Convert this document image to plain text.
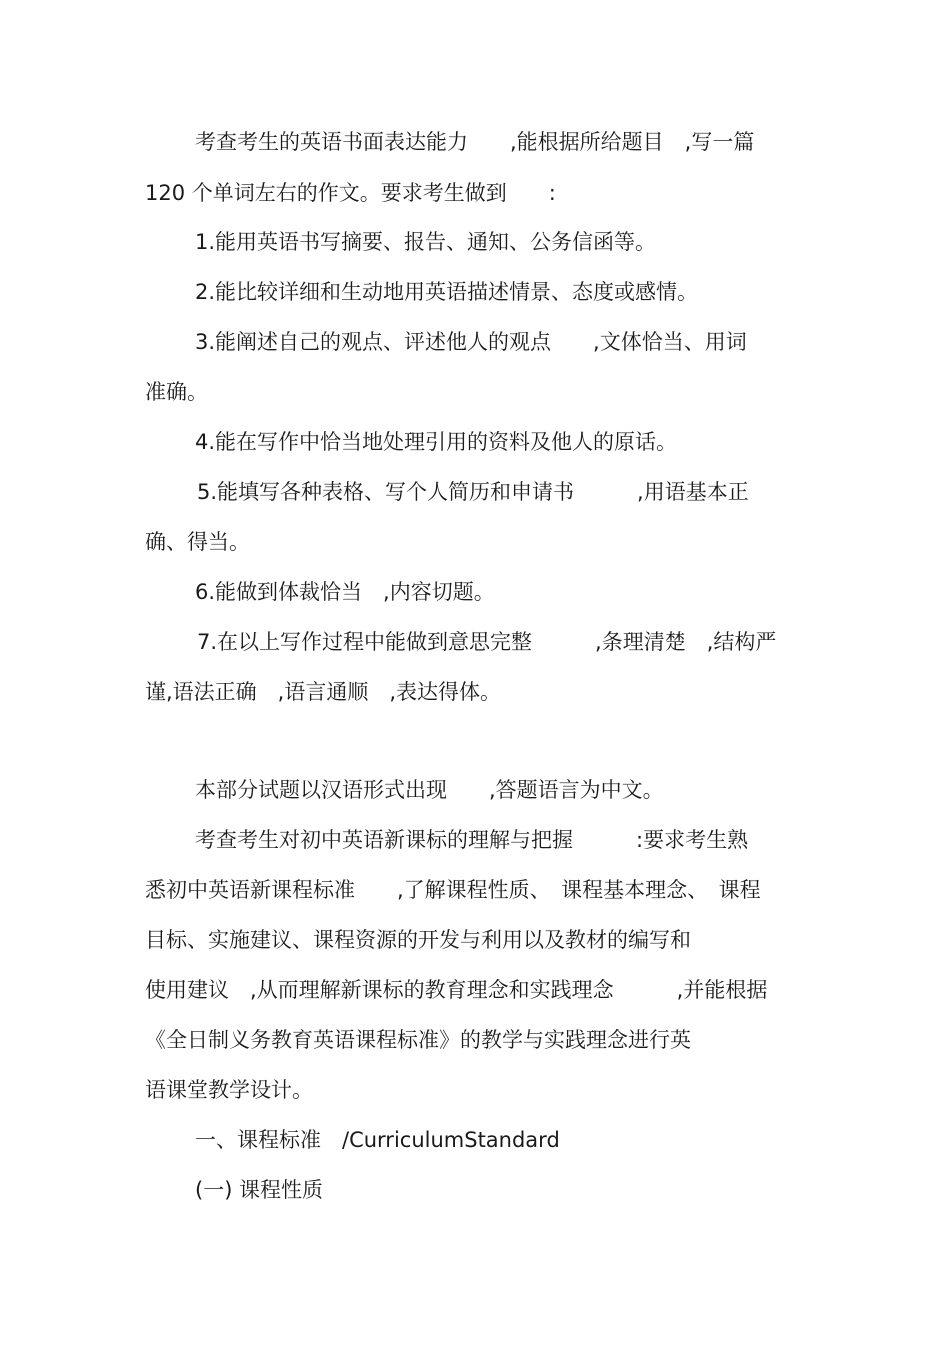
考查考生的英语书面表达能力　　,能根据所给题目　,写一篇
120 个单词左右的作文。要求考生做到　　:
1.能用英语书写摘要、报告、通知、公务信函等。
2.能比较详细和生动地用英语描述情景、态度或感情。
3.能阐述自己的观点、评述他人的观点　　,文体恰当、用词
准确。
4.能在写作中恰当地处理引用的资料及他人的原话。
5.能填写各种表格、写个人简历和申请书　　　,用语基本正
确、得当。
6.能做到体裁恰当　,内容切题。
7.在以上写作过程中能做到意思完整　　　,条理清楚　,结构严
谨,语法正确　,语言通顺　,表达得体。
本部分试题以汉语形式出现　　,答题语言为中文。
考查考生对初中英语新课标的理解与把握　　　:要求考生熟
悉初中英语新课程标准　　,了解课程性质、　课程基本理念、　课程
目标、实施建议、课程资源的开发与利用以及教材的编写和
使用建议　,从而理解新课标的教育理念和实践理念　　　,并能根据
《全日制义务教育英语课程标准》的教学与实践理念进行英
语课堂教学设计。
一、课程标准　/CurriculumStandard
(一) 课程性质
